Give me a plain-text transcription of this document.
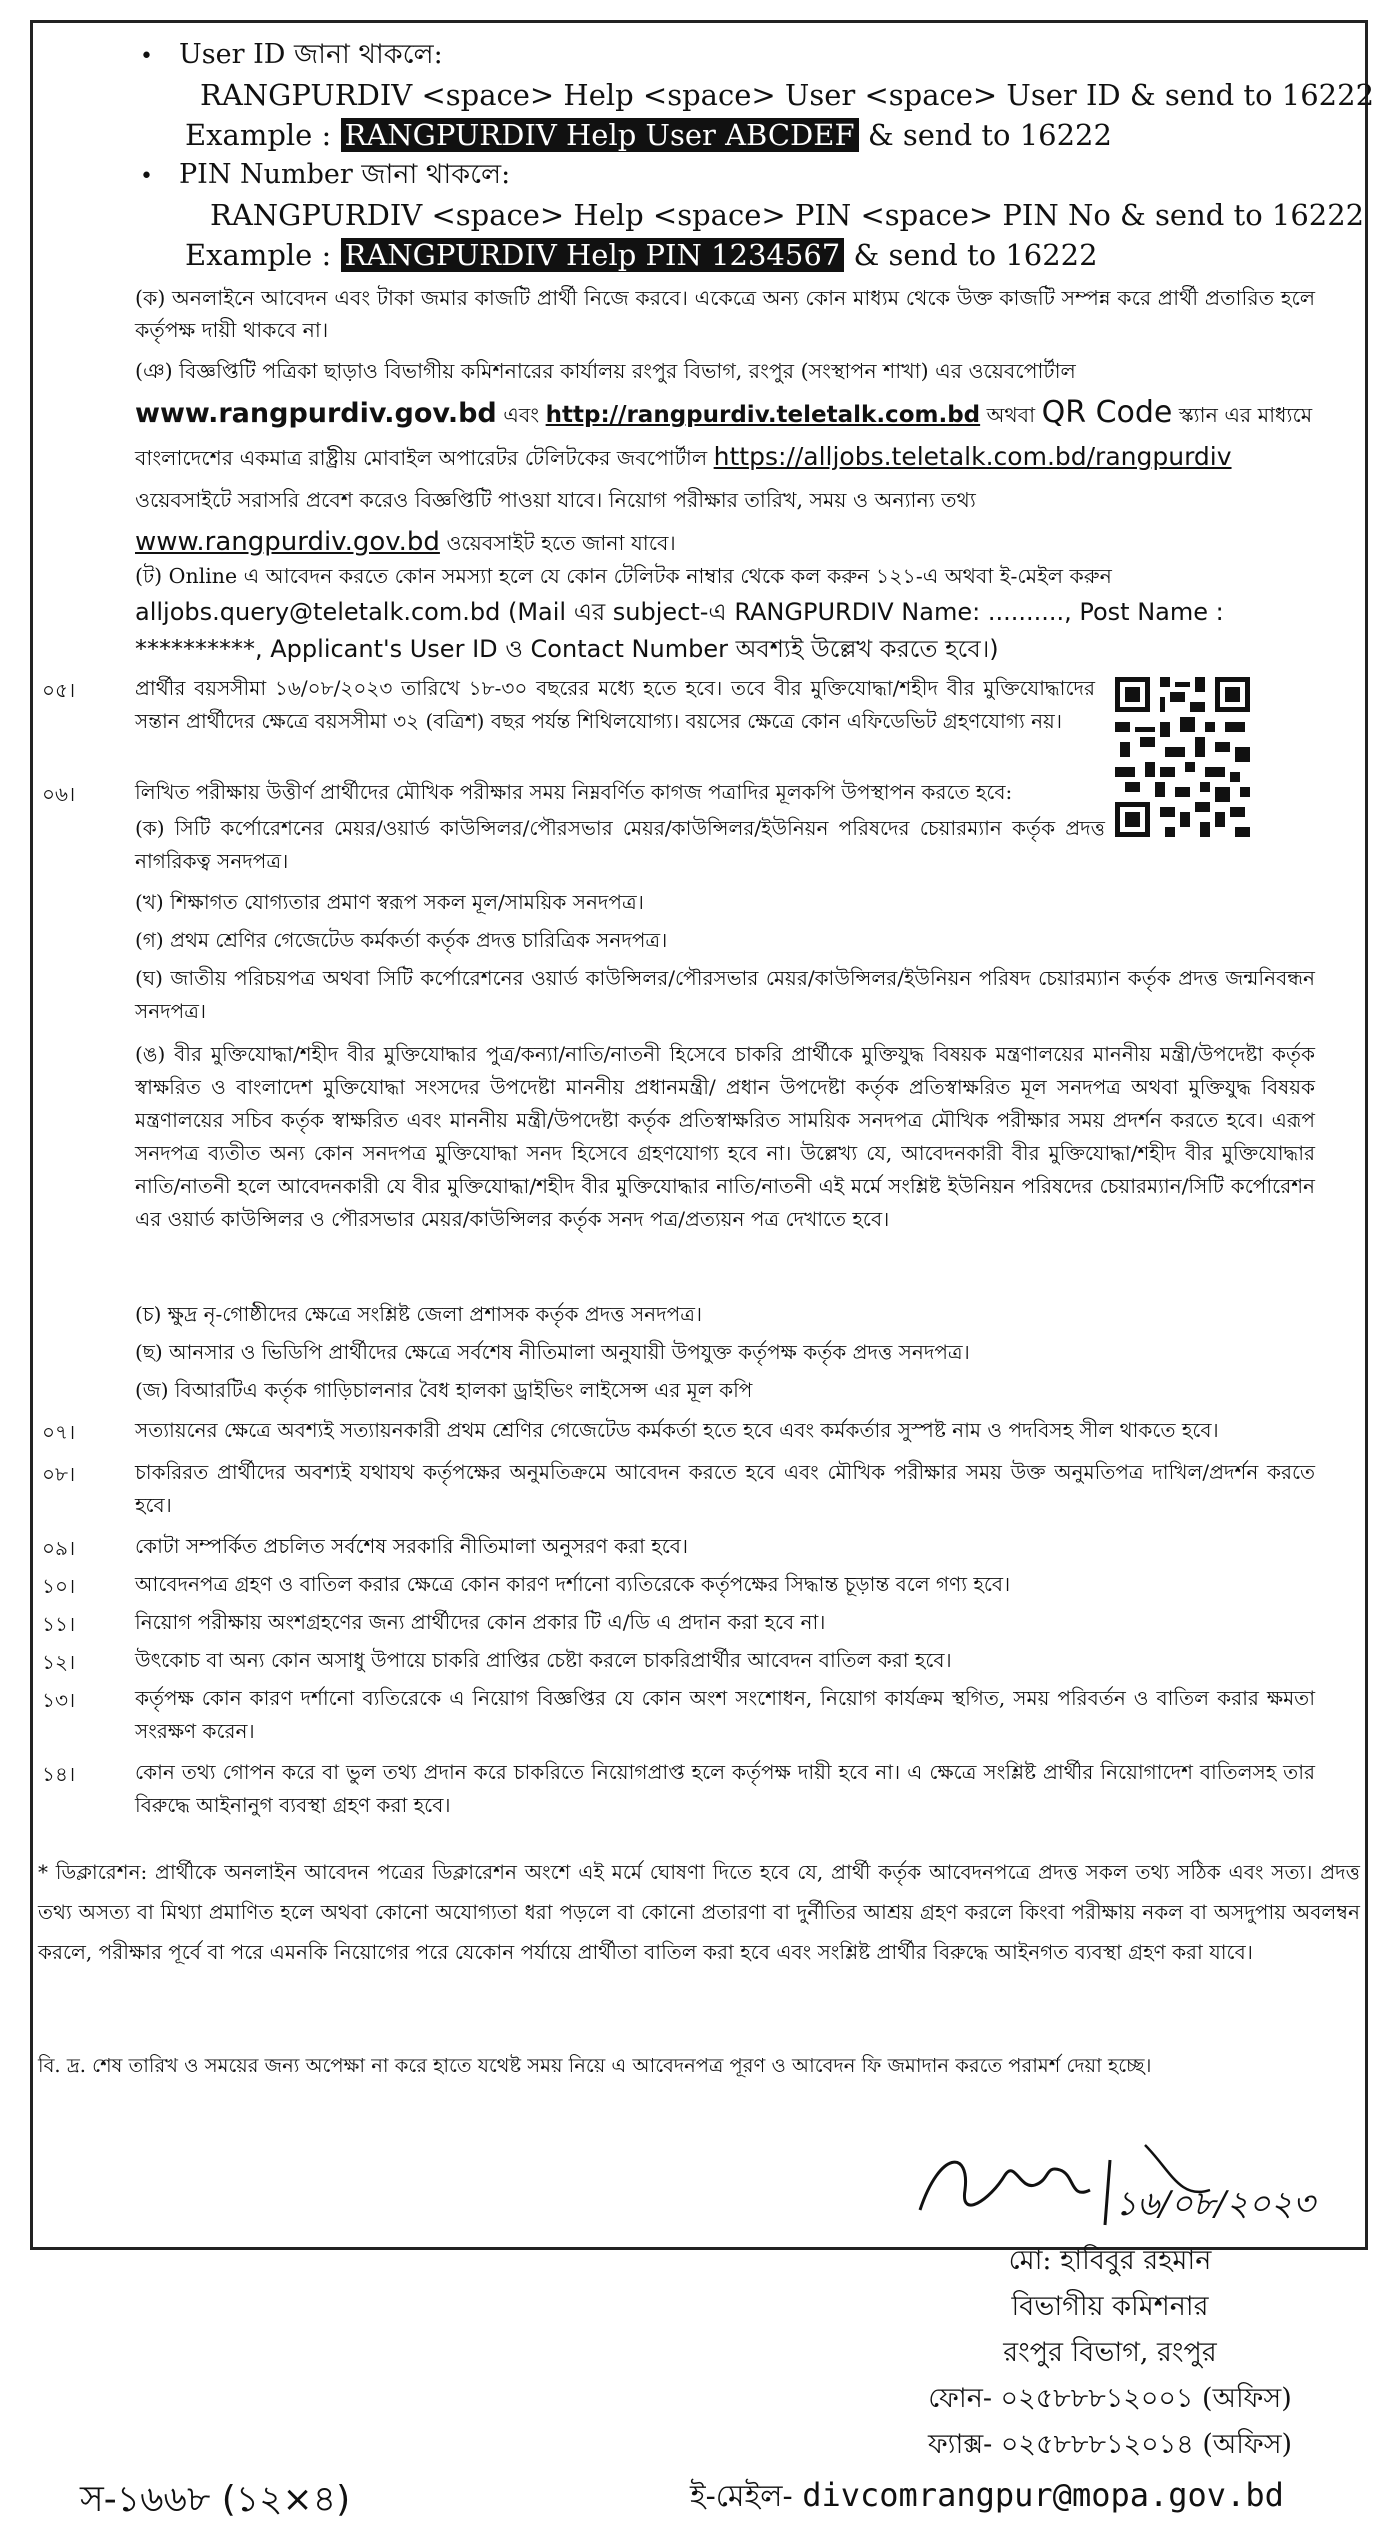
• User ID জানা থাকলে:
RANGPURDIV <space> Help <space> User <space> User ID & send to 16222
Example : RANGPURDIV Help User ABCDEF & send to 16222
• PIN Number জানা থাকলে:
RANGPURDIV <space> Help <space> PIN <space> PIN No & send to 16222
Example : RANGPURDIV Help PIN 1234567 & send to 16222
(ক) অনলাইনে আবেদন এবং টাকা জমার কাজটি প্রার্থী নিজে করবে। একেত্রে অন্য কোন মাধ্যম থেকে উক্ত কাজটি সম্পন্ন করে প্রার্থী প্রতারিত হলে কর্তৃপক্ষ দায়ী থাকবে না।
(ঞ) বিজ্ঞপ্তিটি পত্রিকা ছাড়াও বিভাগীয় কমিশনারের কার্যালয় রংপুর বিভাগ, রংপুর (সংস্থাপন শাখা) এর ওয়েবপোর্টাল
www.rangpurdiv.gov.bd এবং http://rangpurdiv.teletalk.com.bd অথবা QR Code স্ক্যান এর মাধ্যমে
বাংলাদেশের একমাত্র রাষ্ট্রীয় মোবাইল অপারেটর টেলিটকের জবপোর্টাল https://alljobs.teletalk.com.bd/rangpurdiv
ওয়েবসাইটে সরাসরি প্রবেশ করেও বিজ্ঞপ্তিটি পাওয়া যাবে। নিয়োগ পরীক্ষার তারিখ, সময় ও অন্যান্য তথ্য
www.rangpurdiv.gov.bd ওয়েবসাইট হতে জানা যাবে।
(ট) Online এ আবেদন করতে কোন সমস্যা হলে যে কোন টেলিটক নাম্বার থেকে কল করুন ১২১-এ অথবা ই-মেইল করুন
alljobs.query@teletalk.com.bd (Mail এর subject-এ RANGPURDIV Name: .........., Post Name :
**********, Applicant's User ID ও Contact Number অবশ্যই উল্লেখ করতে হবে।)
০৫।	প্রার্থীর বয়সসীমা ১৬/০৮/২০২৩ তারিখে ১৮-৩০ বছরের মধ্যে হতে হবে। তবে বীর মুক্তিযোদ্ধা/শহীদ বীর মুক্তিযোদ্ধাদের সন্তান প্রার্থীদের ক্ষেত্রে বয়সসীমা ৩২ (বত্রিশ) বছর পর্যন্ত শিথিলযোগ্য। বয়সের ক্ষেত্রে কোন এফিডেভিট গ্রহণযোগ্য নয়।
০৬।	লিখিত পরীক্ষায় উত্তীর্ণ প্রার্থীদের মৌখিক পরীক্ষার সময় নিম্নবর্ণিত কাগজ পত্রাদির মূলকপি উপস্থাপন করতে হবে:
(ক) সিটি কর্পোরেশনের মেয়র/ওয়ার্ড কাউন্সিলর/পৌরসভার মেয়র/কাউন্সিলর/ইউনিয়ন পরিষদের চেয়ারম্যান কর্তৃক প্রদত্ত নাগরিকত্ব সনদপত্র।
(খ) শিক্ষাগত যোগ্যতার প্রমাণ স্বরূপ সকল মূল/সাময়িক সনদপত্র।
(গ) প্রথম শ্রেণির গেজেটেড কর্মকর্তা কর্তৃক প্রদত্ত চারিত্রিক সনদপত্র।
(ঘ) জাতীয় পরিচয়পত্র অথবা সিটি কর্পোরেশনের ওয়ার্ড কাউন্সিলর/পৌরসভার মেয়র/কাউন্সিলর/ইউনিয়ন পরিষদ চেয়ারম্যান কর্তৃক প্রদত্ত জন্মনিবন্ধন সনদপত্র।
(ঙ) বীর মুক্তিযোদ্ধা/শহীদ বীর মুক্তিযোদ্ধার পুত্র/কন্যা/নাতি/নাতনী হিসেবে চাকরি প্রার্থীকে মুক্তিযুদ্ধ বিষয়ক মন্ত্রণালয়ের মাননীয় মন্ত্রী/উপদেষ্টা কর্তৃক স্বাক্ষরিত ও বাংলাদেশ মুক্তিযোদ্ধা সংসদের উপদেষ্টা মাননীয় প্রধানমন্ত্রী/ প্রধান উপদেষ্টা কর্তৃক প্রতিস্বাক্ষরিত মূল সনদপত্র অথবা মুক্তিযুদ্ধ বিষয়ক মন্ত্রণালয়ের সচিব কর্তৃক স্বাক্ষরিত এবং মাননীয় মন্ত্রী/উপদেষ্টা কর্তৃক প্রতিস্বাক্ষরিত সাময়িক সনদপত্র মৌখিক পরীক্ষার সময় প্রদর্শন করতে হবে। এরূপ সনদপত্র ব্যতীত অন্য কোন সনদপত্র মুক্তিযোদ্ধা সনদ হিসেবে গ্রহণযোগ্য হবে না। উল্লেখ্য যে, আবেদনকারী বীর মুক্তিযোদ্ধা/শহীদ বীর মুক্তিযোদ্ধার নাতি/নাতনী হলে আবেদনকারী যে বীর মুক্তিযোদ্ধা/শহীদ বীর মুক্তিযোদ্ধার নাতি/নাতনী এই মর্মে সংশ্লিষ্ট ইউনিয়ন পরিষদের চেয়ারম্যান/সিটি কর্পোরেশন এর ওয়ার্ড কাউন্সিলর ও পৌরসভার মেয়র/কাউন্সিলর কর্তৃক সনদ পত্র/প্রত্যয়ন পত্র দেখাতে হবে।
(চ) ক্ষুদ্র নৃ-গোষ্ঠীদের ক্ষেত্রে সংশ্লিষ্ট জেলা প্রশাসক কর্তৃক প্রদত্ত সনদপত্র।
(ছ) আনসার ও ভিডিপি প্রার্থীদের ক্ষেত্রে সর্বশেষ নীতিমালা অনুযায়ী উপযুক্ত কর্তৃপক্ষ কর্তৃক প্রদত্ত সনদপত্র।
(জ) বিআরটিএ কর্তৃক গাড়িচালনার বৈধ হালকা ড্রাইভিং লাইসেন্স এর মূল কপি
০৭।	সত্যায়নের ক্ষেত্রে অবশ্যই সত্যায়নকারী প্রথম শ্রেণির গেজেটেড কর্মকর্তা হতে হবে এবং কর্মকর্তার সুস্পষ্ট নাম ও পদবিসহ সীল থাকতে হবে।
০৮।	চাকরিরত প্রার্থীদের অবশ্যই যথাযথ কর্তৃপক্ষের অনুমতিক্রমে আবেদন করতে হবে এবং মৌখিক পরীক্ষার সময় উক্ত অনুমতিপত্র দাখিল/প্রদর্শন করতে হবে।
০৯।	কোটা সম্পর্কিত প্রচলিত সর্বশেষ সরকারি নীতিমালা অনুসরণ করা হবে।
১০।	আবেদনপত্র গ্রহণ ও বাতিল করার ক্ষেত্রে কোন কারণ দর্শানো ব্যতিরেকে কর্তৃপক্ষের সিদ্ধান্ত চূড়ান্ত বলে গণ্য হবে।
১১।	নিয়োগ পরীক্ষায় অংশগ্রহণের জন্য প্রার্থীদের কোন প্রকার টি এ/ডি এ প্রদান করা হবে না।
১২।	উৎকোচ বা অন্য কোন অসাধু উপায়ে চাকরি প্রাপ্তির চেষ্টা করলে চাকরিপ্রার্থীর আবেদন বাতিল করা হবে।
১৩।	কর্তৃপক্ষ কোন কারণ দর্শানো ব্যতিরেকে এ নিয়োগ বিজ্ঞপ্তির যে কোন অংশ সংশোধন, নিয়োগ কার্যক্রম স্থগিত, সময় পরিবর্তন ও বাতিল করার ক্ষমতা সংরক্ষণ করেন।
১৪।	কোন তথ্য গোপন করে বা ভুল তথ্য প্রদান করে চাকরিতে নিয়োগপ্রাপ্ত হলে কর্তৃপক্ষ দায়ী হবে না। এ ক্ষেত্রে সংশ্লিষ্ট প্রার্থীর নিয়োগাদেশ বাতিলসহ তার বিরুদ্ধে আইনানুগ ব্যবস্থা গ্রহণ করা হবে।
* ডিক্লারেশন: প্রার্থীকে অনলাইন আবেদন পত্রের ডিক্লারেশন অংশে এই মর্মে ঘোষণা দিতে হবে যে, প্রার্থী কর্তৃক আবেদনপত্রে প্রদত্ত সকল তথ্য সঠিক এবং সত্য। প্রদত্ত তথ্য অসত্য বা মিথ্যা প্রমাণিত হলে অথবা কোনো অযোগ্যতা ধরা পড়লে বা কোনো প্রতারণা বা দুর্নীতির আশ্রয় গ্রহণ করলে কিংবা পরীক্ষায় নকল বা অসদুপায় অবলম্বন করলে, পরীক্ষার পূর্বে বা পরে এমনকি নিয়োগের পরে যেকোন পর্যায়ে প্রার্থীতা বাতিল করা হবে এবং সংশ্লিষ্ট প্রার্থীর বিরুদ্ধে আইনগত ব্যবস্থা গ্রহণ করা যাবে।
বি. দ্র. শেষ তারিখ ও সময়ের জন্য অপেক্ষা না করে হাতে যথেষ্ট সময় নিয়ে এ আবেদনপত্র পূরণ ও আবেদন ফি জমাদান করতে পরামর্শ দেয়া হচ্ছে।
১৬/০৮/২০২৩
মো: হাবিবুর রহমান
বিভাগীয় কমিশনার
রংপুর বিভাগ, রংপুর
ফোন- ০২৫৮৮৮১২০০১ (অফিস)
ফ্যাক্স- ০২৫৮৮৮১২০১৪ (অফিস)
স-১৬৬৮ (১২×৪)	ই-মেইল- divcomrangpur@mopa.gov.bd
